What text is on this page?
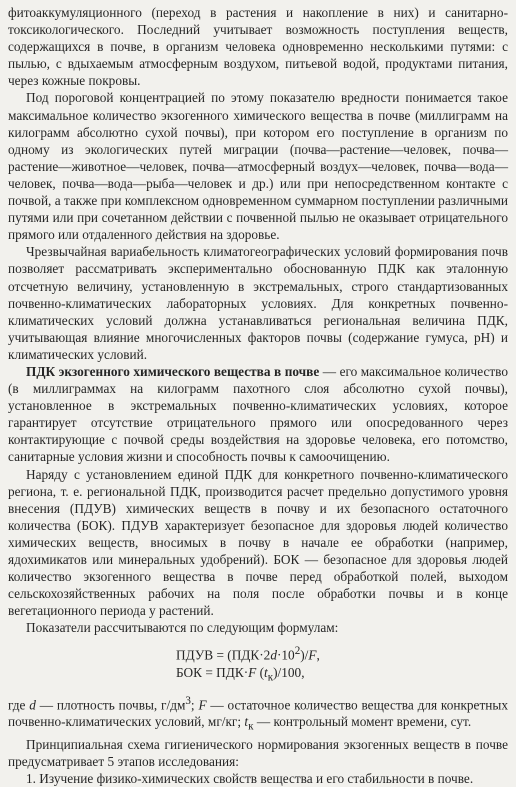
фитоаккумуляционного (переход в растения и накопление в них) и санитарно-токсикологического. Последний учитывает возможность поступления веществ, содержащихся в почве, в организм человека одновременно несколькими путями: с пылью, с вдыхаемым атмосферным воздухом, питьевой водой, продуктами питания, через кожные покровы.

Под пороговой концентрацией по этому показателю вредности понимается такое максимальное количество экзогенного химического вещества в почве (миллиграмм на килограмм абсолютно сухой почвы), при котором его поступление в организм по одному из экологических путей миграции (почва—растение—человек, почва—растение—животное—человек, почва—атмосферный воздух—человек, почва—вода—человек, почва—вода—рыба—человек и др.) или при непосредственном контакте с почвой, а также при комплексном одновременном суммарном поступлении различными путями или при сочетанном действии с почвенной пылью не оказывает отрицательного прямого или отдаленного действия на здоровье.

Чрезвычайная вариабельность климатогеографических условий формирования почв позволяет рассматривать экспериментально обоснованную ПДК как эталонную отсчетную величину, установленную в экстремальных, строго стандартизованных почвенно-климатических лабораторных условиях. Для конкретных почвенно-климатических условий должна устанавливаться региональная величина ПДК, учитывающая влияние многочисленных факторов почвы (содержание гумуса, pH) и климатических условий.

ПДК экзогенного химического вещества в почве — его максимальное количество (в миллиграммах на килограмм пахотного слоя абсолютно сухой почвы), установленное в экстремальных почвенно-климатических условиях, которое гарантирует отсутствие отрицательного прямого или опосредованного через контактирующие с почвой среды воздействия на здоровье человека, его потомство, санитарные условия жизни и способность почвы к самоочищению.

Наряду с установлением единой ПДК для конкретного почвенно-климатического региона, т. е. региональной ПДК, производится расчет предельно допустимого уровня внесения (ПДУВ) химических веществ в почву и их безопасного остаточного количества (БОК). ПДУВ характеризует безопасное для здоровья людей количество химических веществ, вносимых в почву в начале ее обработки (например, ядохимикатов или минеральных удобрений). БОК — безопасное для здоровья людей количество экзогенного вещества в почве перед обработкой полей, выходом сельскохозяйственных рабочих на поля после обработки почвы и в конце вегетационного периода у растений.

Показатели рассчитываются по следующим формулам:

ПДУВ = $(ПДК\cdot 2d\cdot 10^2)/F$,
БОК = ПДК·F $(t_к)/100$,

где d — плотность почвы, $г/дм^3$; F — остаточное количество вещества для конкретных почвенно-климатических условий, мг/кг; $t_к$ — контрольный момент времени, сут.

Принципиальная схема гигиенического нормирования экзогенных веществ в почве предусматривает 5 этапов исследования:

1. Изучение физико-химических свойств вещества и его стабильности в почве.
